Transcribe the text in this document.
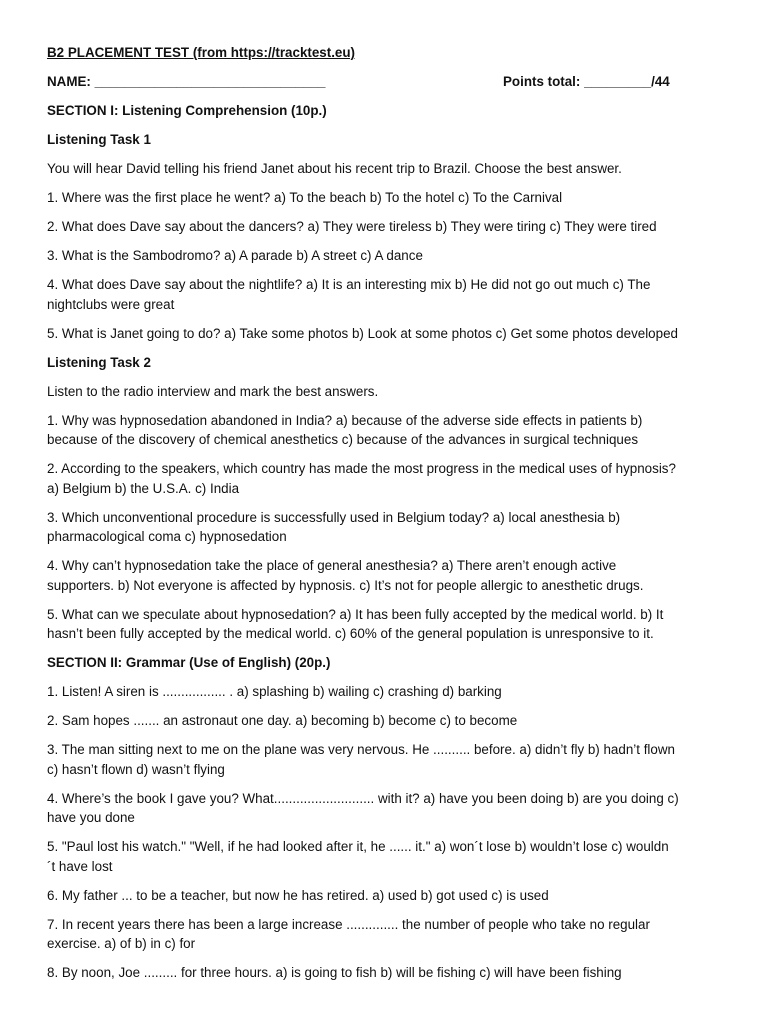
B2 PLACEMENT TEST (from https://tracktest.eu)

NAME: _______________________________	Points total: _________/44

SECTION I: Listening Comprehension (10p.)

Listening Task 1

You will hear David telling his friend Janet about his recent trip to Brazil. Choose the best answer.

1. Where was the first place he went? a) To the beach b) To the hotel c) To the Carnival

2. What does Dave say about the dancers? a) They were tireless b) They were tiring c) They were tired

3. What is the Sambodromo? a) A parade b) A street c) A dance

4. What does Dave say about the nightlife? a) It is an interesting mix b) He did not go out much c) The

nightclubs were great

5. What is Janet going to do? a) Take some photos b) Look at some photos c) Get some photos developed

Listening Task 2

Listen to the radio interview and mark the best answers.

1. Why was hypnosedation abandoned in India? a) because of the adverse side effects in patients b)

because of the discovery of chemical anesthetics c) because of the advances in surgical techniques

2. According to the speakers, which country has made the most progress in the medical uses of hypnosis?

a) Belgium b) the U.S.A. c) India

3. Which unconventional procedure is successfully used in Belgium today? a) local anesthesia b)

pharmacological coma c) hypnosedation

4. Why can’t hypnosedation take the place of general anesthesia? a) There aren’t enough active

supporters. b) Not everyone is affected by hypnosis. c) It’s not for people allergic to anesthetic drugs.

5. What can we speculate about hypnosedation? a) It has been fully accepted by the medical world. b) It

hasn’t been fully accepted by the medical world. c) 60% of the general population is unresponsive to it.

SECTION II: Grammar (Use of English) (20p.)

1. Listen! A siren is ................. . a) splashing b) wailing c) crashing d) barking

2. Sam hopes ....... an astronaut one day. a) becoming b) become c) to become

3. The man sitting next to me on the plane was very nervous. He .......... before. a) didn’t fly b) hadn’t flown

c) hasn’t flown d) wasn’t flying

4. Where’s the book I gave you? What........................... with it? a) have you been doing b) are you doing c)

have you done

5. "Paul lost his watch." "Well, if he had looked after it, he ...... it." a) won´t lose b) wouldn’t lose c) wouldn

´t have lost

6. My father ... to be a teacher, but now he has retired. a) used b) got used c) is used

7. In recent years there has been a large increase .............. the number of people who take no regular

exercise. a) of b) in c) for

8. By noon, Joe ......... for three hours. a) is going to fish b) will be fishing c) will have been fishing
